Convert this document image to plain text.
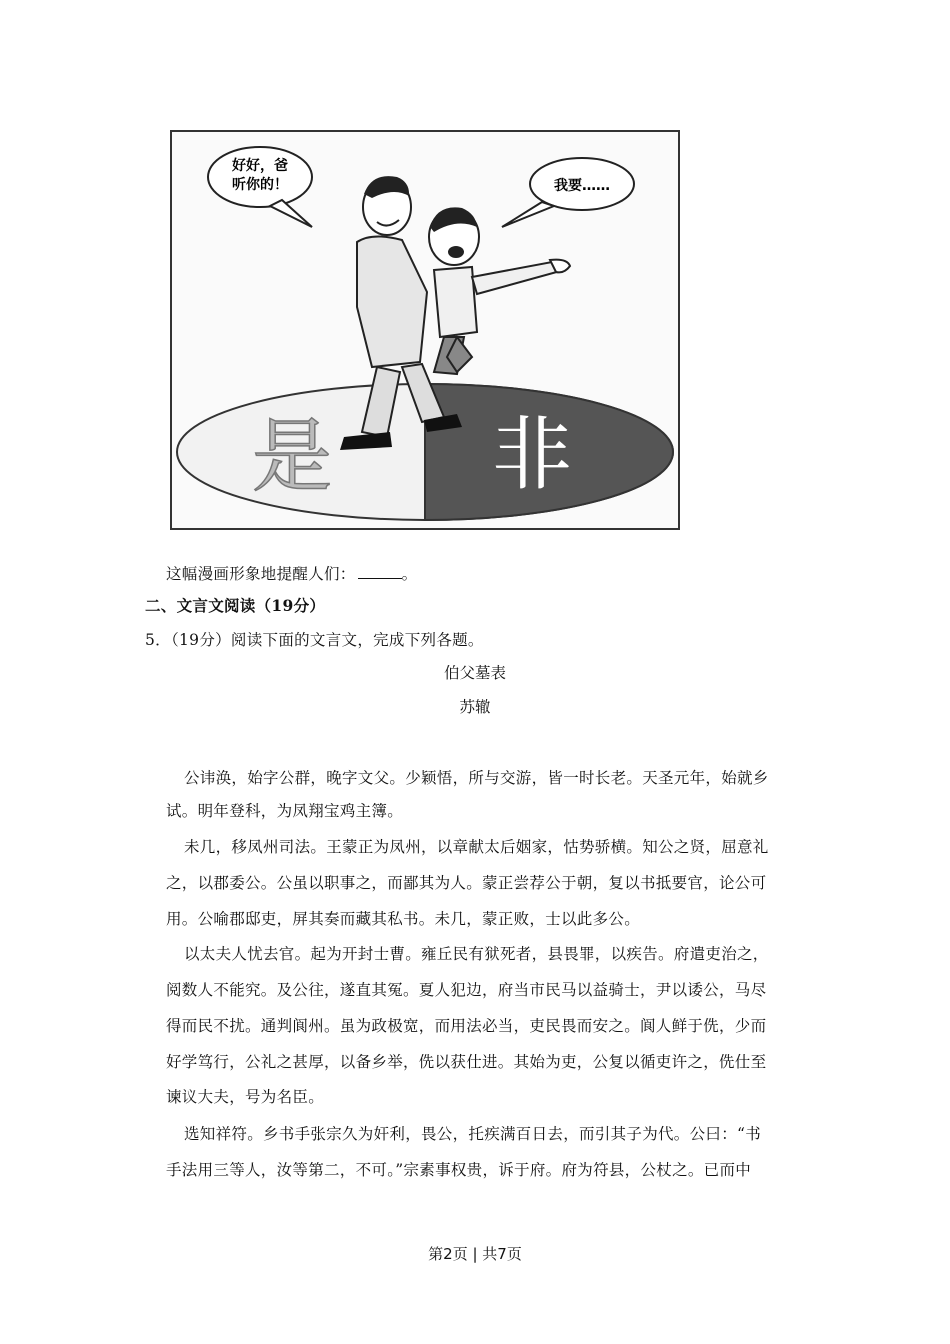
是 非
好好，爸
听你的！	我要……
这幅漫画形象地提醒人们：	。
二、文言文阅读（19分）
5．（19分）阅读下面的文言文，完成下列各题。
伯父墓表
苏辙
公讳涣，始字公群，晚字文父。少颖悟，所与交游，皆一时长老。天圣元年，始就乡
试。明年登科，为凤翔宝鸡主簿。
未几，移凤州司法。王蒙正为凤州，以章献太后姻家，怙势骄横。知公之贤，屈意礼
之，以郡委公。公虽以职事之，而鄙其为人。蒙正尝荐公于朝，复以书抵要官，论公可
用。公喻郡邸吏，屏其奏而藏其私书。未几，蒙正败，士以此多公。
以太夫人忧去官。起为开封士曹。雍丘民有狱死者，县畏罪，以疾告。府遣吏治之，
阅数人不能究。及公往，遂直其冤。夏人犯边，府当市民马以益骑士，尹以诿公，马尽
得而民不扰。通判阆州。虽为政极宽，而用法必当，吏民畏而安之。阆人鲜于侁，少而
好学笃行，公礼之甚厚，以备乡举，侁以获仕进。其始为吏，公复以循吏许之，侁仕至
谏议大夫，号为名臣。
选知祥符。乡书手张宗久为奸利，畏公，托疾满百日去，而引其子为代。公曰：“书
手法用三等人，汝等第二，不可。”宗素事权贵，诉于府。府为符县，公杖之。已而中
第2页 | 共7页
